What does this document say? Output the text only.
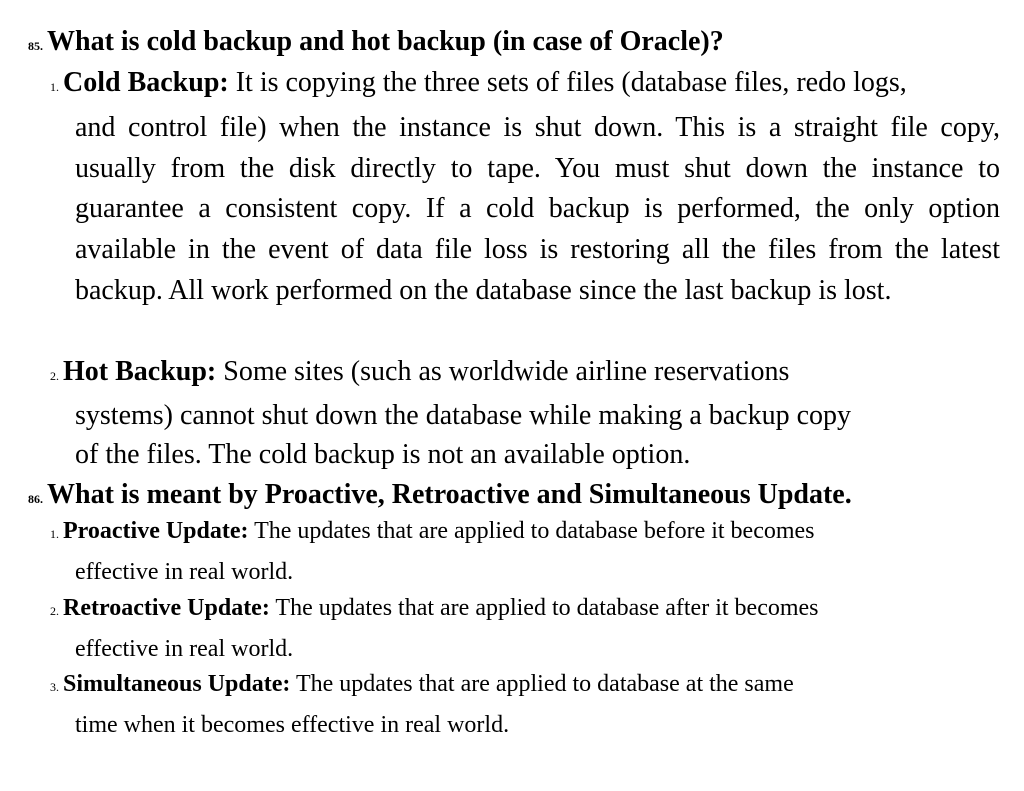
85. What is cold backup and hot backup (in case of Oracle)?
1. Cold Backup: It is copying the three sets of files (database files, redo logs,
and control file) when the instance is shut down. This is a straight file copy, usually from the disk directly to tape. You must shut down the instance to guarantee a consistent copy. If a cold backup is performed, the only option available in the event of data file loss is restoring all the files from the latest backup. All work performed on the database since the last backup is lost.
2. Hot Backup: Some sites (such as worldwide airline reservations
systems) cannot shut down the database while making a backup copy
of the files. The cold backup is not an available option.
86. What is meant by Proactive, Retroactive and Simultaneous Update.
1. Proactive Update: The updates that are applied to database before it becomes
effective in real world.
2. Retroactive Update: The updates that are applied to database after it becomes
effective in real world.
3. Simultaneous Update: The updates that are applied to database at the same
time when it becomes effective in real world.
